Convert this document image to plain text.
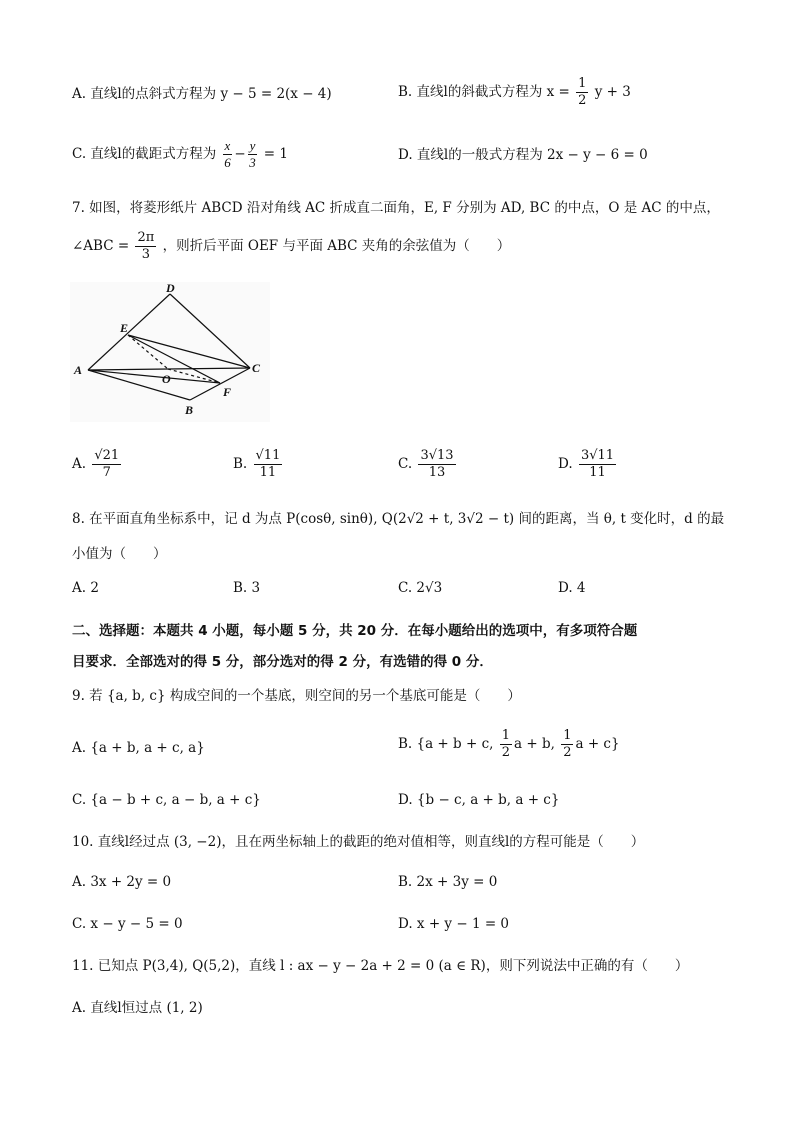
A. 直线l的点斜式方程为 y − 5 = 2(x − 4)	B. 直线l的斜截式方程为 $x = \frac{1}{2}$ y + 3
C. 直线l的截距式方程为 $\frac{x}{6} - \frac{y}{3} = 1$	D. 直线l的一般式方程为 2x − y − 6 = 0
7. 如图，将菱形纸片 ABCD 沿对角线 AC 折成直二面角，E, F 分别为 AD, BC 的中点，O 是 AC 的中点，
∠ABC = $\frac{2\pi}{3}$ ，则折后平面 OEF 与平面 ABC 夹角的余弦值为（　　）
D
E
A
O
C
F
B
A. $\frac{√21}{7}$	B. $\frac{√11}{11}$	C. $\frac{3√13}{13}$	D. $\frac{3√11}{11}$
8. 在平面直角坐标系中，记 d 为点 P(cosθ, sinθ), Q(2√2 + t, 3√2 − t) 间的距离，当 θ, t 变化时，d 的最
小值为（　　）
A. 2	B. 3	C. 2√3	D. 4
二、选择题：本题共 4 小题，每小题 5 分，共 20 分．在每小题给出的选项中，有多项符合题
目要求．全部选对的得 5 分，部分选对的得 2 分，有选错的得 0 分．
9. 若 {a, b, c} 构成空间的一个基底，则空间的另一个基底可能是（　　）
A. {a + b, a + c, a}	B. {a + b + c, $\frac{1}{2}$ a + b, $\frac{1}{2}$ a + c}
C. {a − b + c, a − b, a + c}	D. {b − c, a + b, a + c}
10. 直线l经过点 (3, −2)，且在两坐标轴上的截距的绝对值相等，则直线l的方程可能是（　　）
A. 3x + 2y = 0	B. 2x + 3y = 0
C. x − y − 5 = 0	D. x + y − 1 = 0
11. 已知点 P(3,4), Q(5,2)，直线 l : ax − y − 2a + 2 = 0 (a ∈ R)，则下列说法中正确的有（　　）
A. 直线l恒过点 (1, 2)
